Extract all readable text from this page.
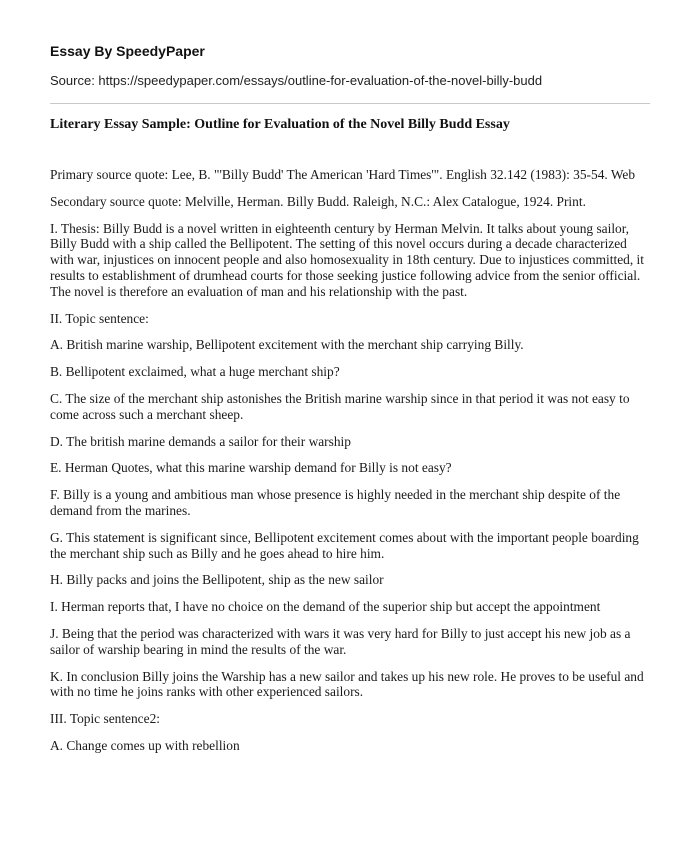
Essay By SpeedyPaper
Source: https://speedypaper.com/essays/outline-for-evaluation-of-the-novel-billy-budd
Literary Essay Sample: Outline for Evaluation of the Novel Billy Budd Essay

Primary source quote: Lee, B. "'Billy Budd' The American 'Hard Times'". English 32.142 (1983): 35-54. Web

Secondary source quote: Melville, Herman. Billy Budd. Raleigh, N.C.: Alex Catalogue, 1924. Print.

I. Thesis: Billy Budd is a novel written in eighteenth century by Herman Melvin. It talks about young sailor, Billy Budd with a ship called the Bellipotent. The setting of this novel occurs during a decade characterized with war, injustices on innocent people and also homosexuality in 18th century. Due to injustices committed, it results to establishment of drumhead courts for those seeking justice following advice from the senior official. The novel is therefore an evaluation of man and his relationship with the past.

II. Topic sentence:

A. British marine warship, Bellipotent excitement with the merchant ship carrying Billy.

B. Bellipotent exclaimed, what a huge merchant ship?

C. The size of the merchant ship astonishes the British marine warship since in that period it was not easy to come across such a merchant sheep.

D. The british marine demands a sailor for their warship

E. Herman Quotes, what this marine warship demand for Billy is not easy?

F. Billy is a young and ambitious man whose presence is highly needed in the merchant ship despite of the demand from the marines.

G. This statement is significant since, Bellipotent excitement comes about with the important people boarding the merchant ship such as Billy and he goes ahead to hire him.

H. Billy packs and joins the Bellipotent, ship as the new sailor

I. Herman reports that, I have no choice on the demand of the superior ship but accept the appointment

J. Being that the period was characterized with wars it was very hard for Billy to just accept his new job as a sailor of warship bearing in mind the results of the war.

K. In conclusion Billy joins the Warship has a new sailor and takes up his new role. He proves to be useful and with no time he joins ranks with other experienced sailors.

III. Topic sentence2:

A. Change comes up with rebellion
